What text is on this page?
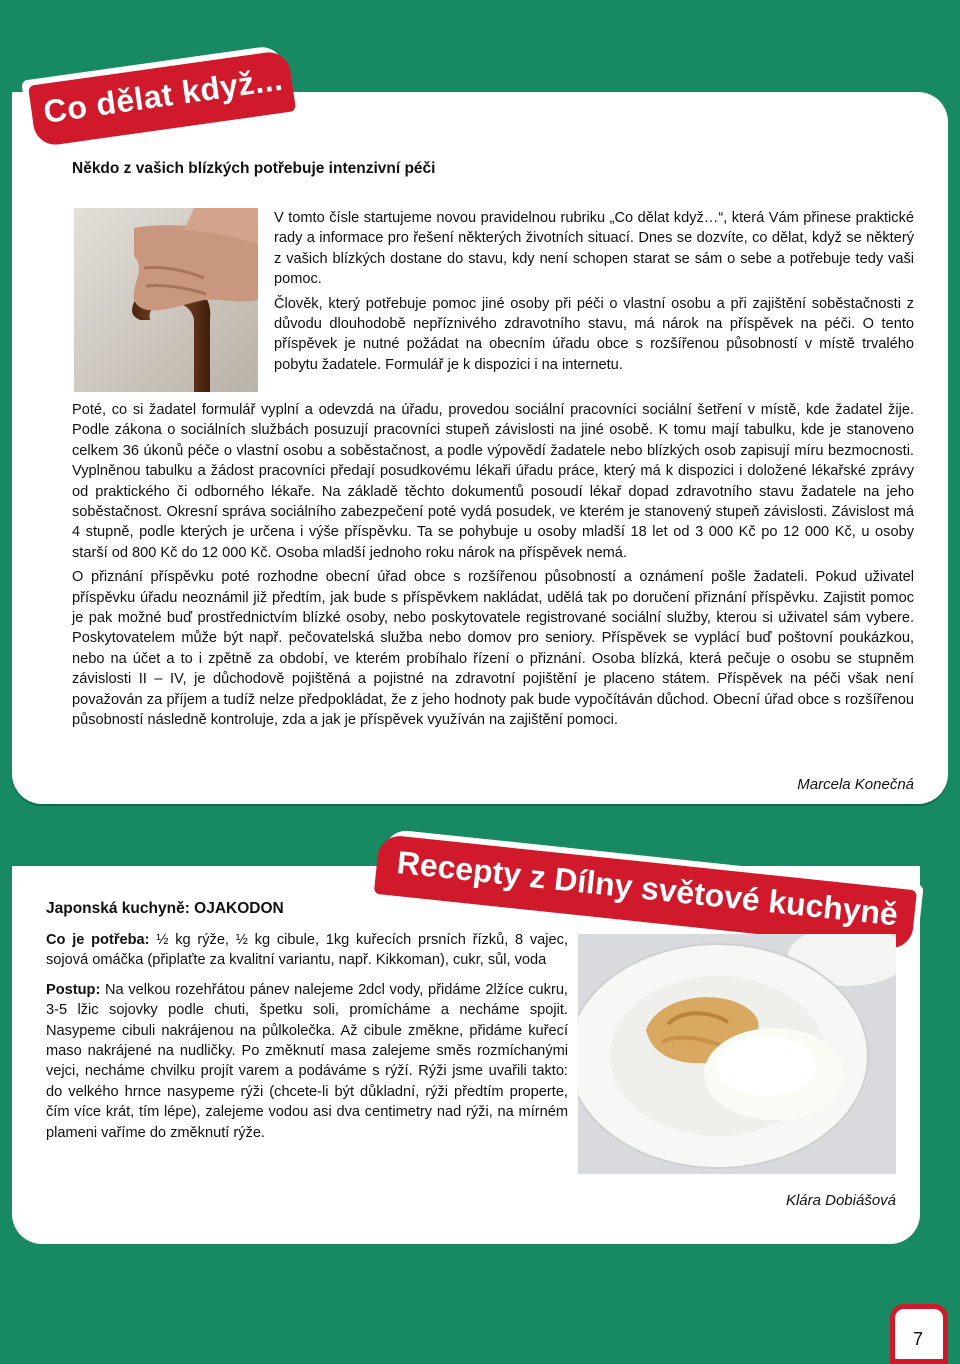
Co dělat když...
Někdo z vašich blízkých potřebuje intenzivní péči

V tomto čísle startujeme novou pravidelnou rubriku „Co dělat když…“, která Vám přinese praktické rady a informace pro řešení některých životních situací. Dnes se dozvíte, co dělat, když se některý z vašich blízkých dostane do stavu, kdy není schopen starat se sám o sebe a potřebuje tedy vaši pomoc.

Člověk, který potřebuje pomoc jiné osoby při péči o vlastní osobu a při zajištění soběstačnosti z důvodu dlouhodobě nepříznivého zdravotního stavu, má nárok na příspěvek na péči. O tento příspěvek je nutné požádat na obecním úřadu obce s rozšířenou působností v místě trvalého pobytu žadatele. Formulář je k dispozici i na internetu.

Poté, co si žadatel formulář vyplní a odevzdá na úřadu, provedou sociální pracovníci sociální šetření v místě, kde žadatel žije. Podle zákona o sociálních službách posuzují pracovníci stupeň závislosti na jiné osobě. K tomu mají tabulku, kde je stanoveno celkem 36 úkonů péče o vlastní osobu a soběstačnost, a podle výpovědí žadatele nebo blízkých osob zapisují míru bezmocnosti. Vyplněnou tabulku a žádost pracovníci předají posudkovému lékaři úřadu práce, který má k dispozici i doložené lékařské zprávy od praktického či odborného lékaře. Na základě těchto dokumentů posoudí lékař dopad zdravotního stavu žadatele na jeho soběstačnost. Okresní správa sociálního zabezpečení poté vydá posudek, ve kterém je stanovený stupeň závislosti. Závislost má 4 stupně, podle kterých je určena i výše příspěvku. Ta se pohybuje u osoby mladší 18 let od 3 000 Kč po 12 000 Kč, u osoby starší od 800 Kč do 12 000 Kč. Osoba mladší jednoho roku nárok na příspěvek nemá.

O přiznání příspěvku poté rozhodne obecní úřad obce s rozšířenou působností a oznámení pošle žadateli. Pokud uživatel příspěvku úřadu neoznámil již předtím, jak bude s příspěvkem nakládat, udělá tak po doručení přiznání příspěvku. Zajistit pomoc je pak možné buď prostřednictvím blízké osoby, nebo poskytovatele registrované sociální služby, kterou si uživatel sám vybere. Poskytovatelem může být např. pečovatelská služba nebo domov pro seniory. Příspěvek se vyplácí buď poštovní poukázkou, nebo na účet a to i zpětně za období, ve kterém probíhalo řízení o přiznání. Osoba blízká, která pečuje o osobu se stupněm závislosti II – IV, je důchodově pojištěná a pojistné na zdravotní pojištění je placeno státem. Příspěvek na péči však není považován za příjem a tudíž nelze předpokládat, že z jeho hodnoty pak bude vypočítáván důchod. Obecní úřad obce s rozšířenou působností následně kontroluje, zda a jak je příspěvek využíván na zajištění pomoci.

Marcela Konečná
Recepty z Dílny světové kuchyně
Japonská kuchyně: OJAKODON

Co je potřeba: ½ kg rýže, ½ kg cibule, 1kg kuřecích prsních řízků, 8 vajec, sojová omáčka (připlaťte za kvalitní variantu, např. Kikkoman), cukr, sůl, voda

Postup: Na velkou rozehřátou pánev nalejeme 2dcl vody, přidáme 2lžíce cukru, 3-5 lžic sojovky podle chuti, špetku soli, promícháme a necháme spojit. Nasypeme cibuli nakrájenou na půlkolečka. Až cibule změkne, přidáme kuřecí maso nakrájené na nudličky. Po změknutí masa zalejeme směs rozmíchanými vejci, necháme chvilku projít varem a podáváme s rýží. Rýži jsme uvařili takto: do velkého hrnce nasypeme rýži (chcete-li být důkladní, rýži předtím properte, čím více krát, tím lépe), zalejeme vodou asi dva centimetry nad rýži, na mírném plameni vaříme do změknutí rýže.

Klára Dobiášová
7
